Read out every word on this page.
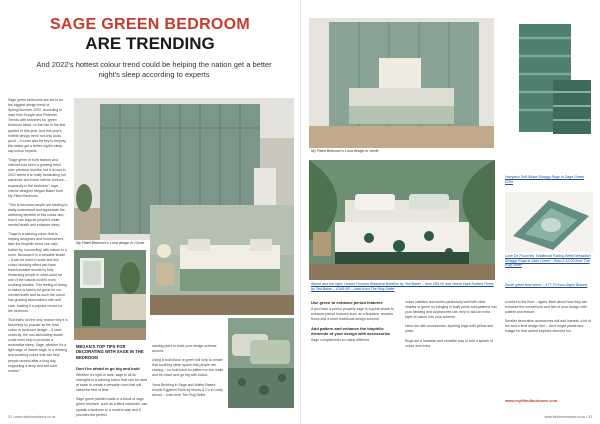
SAGE GREEN BEDROOM
ARE TRENDING
And 2022's hottest colour trend could be helping the nation get a better night's sleep according to experts

Sage green bedrooms are set to be the biggest design trend of Spring/Summer 2022, according to data from Google and Pinterest. Trends with searches for 'green bedroom ideas' on the rise in the first quarter of this year. And this year's hottest design trend not only looks good – it could also be key to helping the nation get a better night's sleep, say colour experts.

"Sage green in both fashion and interiors has been a growing trend over previous months, but it is now in 2022 where it is really dominating our wardrobe and home interior choices – especially in the bedroom", says interior designer Megan Baker from My Fitted Bedroom.

"This is because people are starting to really understand and appreciate the wellbeing benefits of this colour and how it can support people's wider mental health and enhance sleep.

"Sage is a calming colour that is helping designers and homeowners take the biophilic trend one-step further by 'connecting' with nature in a room. Because it is a versatile shade – it can be used in scale and this colour blocking effect can have transformative results by fully immersing people in what could be one of the natural world's most soothing shades. This feeling of being in nature is said to be great for our mental health and as such the colour has growing associations with self-care, making it a popular choice for the bedroom.

"But that's not the only reason why it is becoming so popular as the lead colour in bedroom design – it used correctly, the non-stimulating shade could even help to promote a restorative sleep. Sage, whether it's a light sage or darker sage, is a relaxing and soothing colour that can help people unwind after a long day, supporting a deep and self-care routine."

My Fitted Bedroom's Luna design in Clover
MEGAN'S TOP TIPS FOR DECORATING WITH SAGE IN THE BEDROOM
Don't be afraid to go big and bold

Whether it's light or dark, sage in all its strengths is a calming colour that can be used at scale to create a versatile room that will stand the test of time.

Sage green painted walls or a block of sage green furniture, such as a fitted wardrobe, can update a bedroom in a modern way and it provides the perfect

starting point to build your design scheme around.

Using a bold block of green will help to create that soothing sleep space that people are craving – so hold back on pattern on the walls and be brave and go big with colour.

Yuna Bedding in Sage and Walter Based Acrylic Eggshell Paint by Morris & Co in Leafy Arbour – both from The Rug Seller.

32 • www.inforhomedecor.co.uk
My Fitted Bedroom's Luna design in Verde
Above and bot right: Hobart Foxnoor Botanical Botellon by Ted Baker – from £85.00 and Velvet Dark Knitted Throw by Ted Baker – £168.00* – both from The Rug Seller
Hampton Soft Stripe Shaggy Rugs in Sage Green £205
Luxe De Fourches Traditional Fading Weed Medallion Shaggy Rugs in Jade Green – from £ 63.00 from The Rug Seller
Small green bed mirror – £77.70 from Argos Brands
Use green to enhance period features

If you have a period property sage is a great shade to enhance period features such as a fireplace, wooden floors and a more traditional design scheme.

Add pattern and enhance the biophilic elements of your design with accessories

Sage complements so many different

colour palettes and works particularly well with other shades of green so bringing in leafy prints and patterns into your bedding and accessories can help to add an extra layer of nature into your scheme.

Have fun with accessories, layering sage with yellow and pinks.

Rugs are a fantastic and versatile way to add a splash of colour and extra

comfort to the floor – again, think about how they can enhance the overall look and feel of your design with pattern and texture.

Smaller decorative accessories will add interest, a bit of fun and a final design flair – don't forget plants and foliage for that added biophilic element too.

www.myfittedbedroom.com
www.inforhomedecor.co.uk • 33
